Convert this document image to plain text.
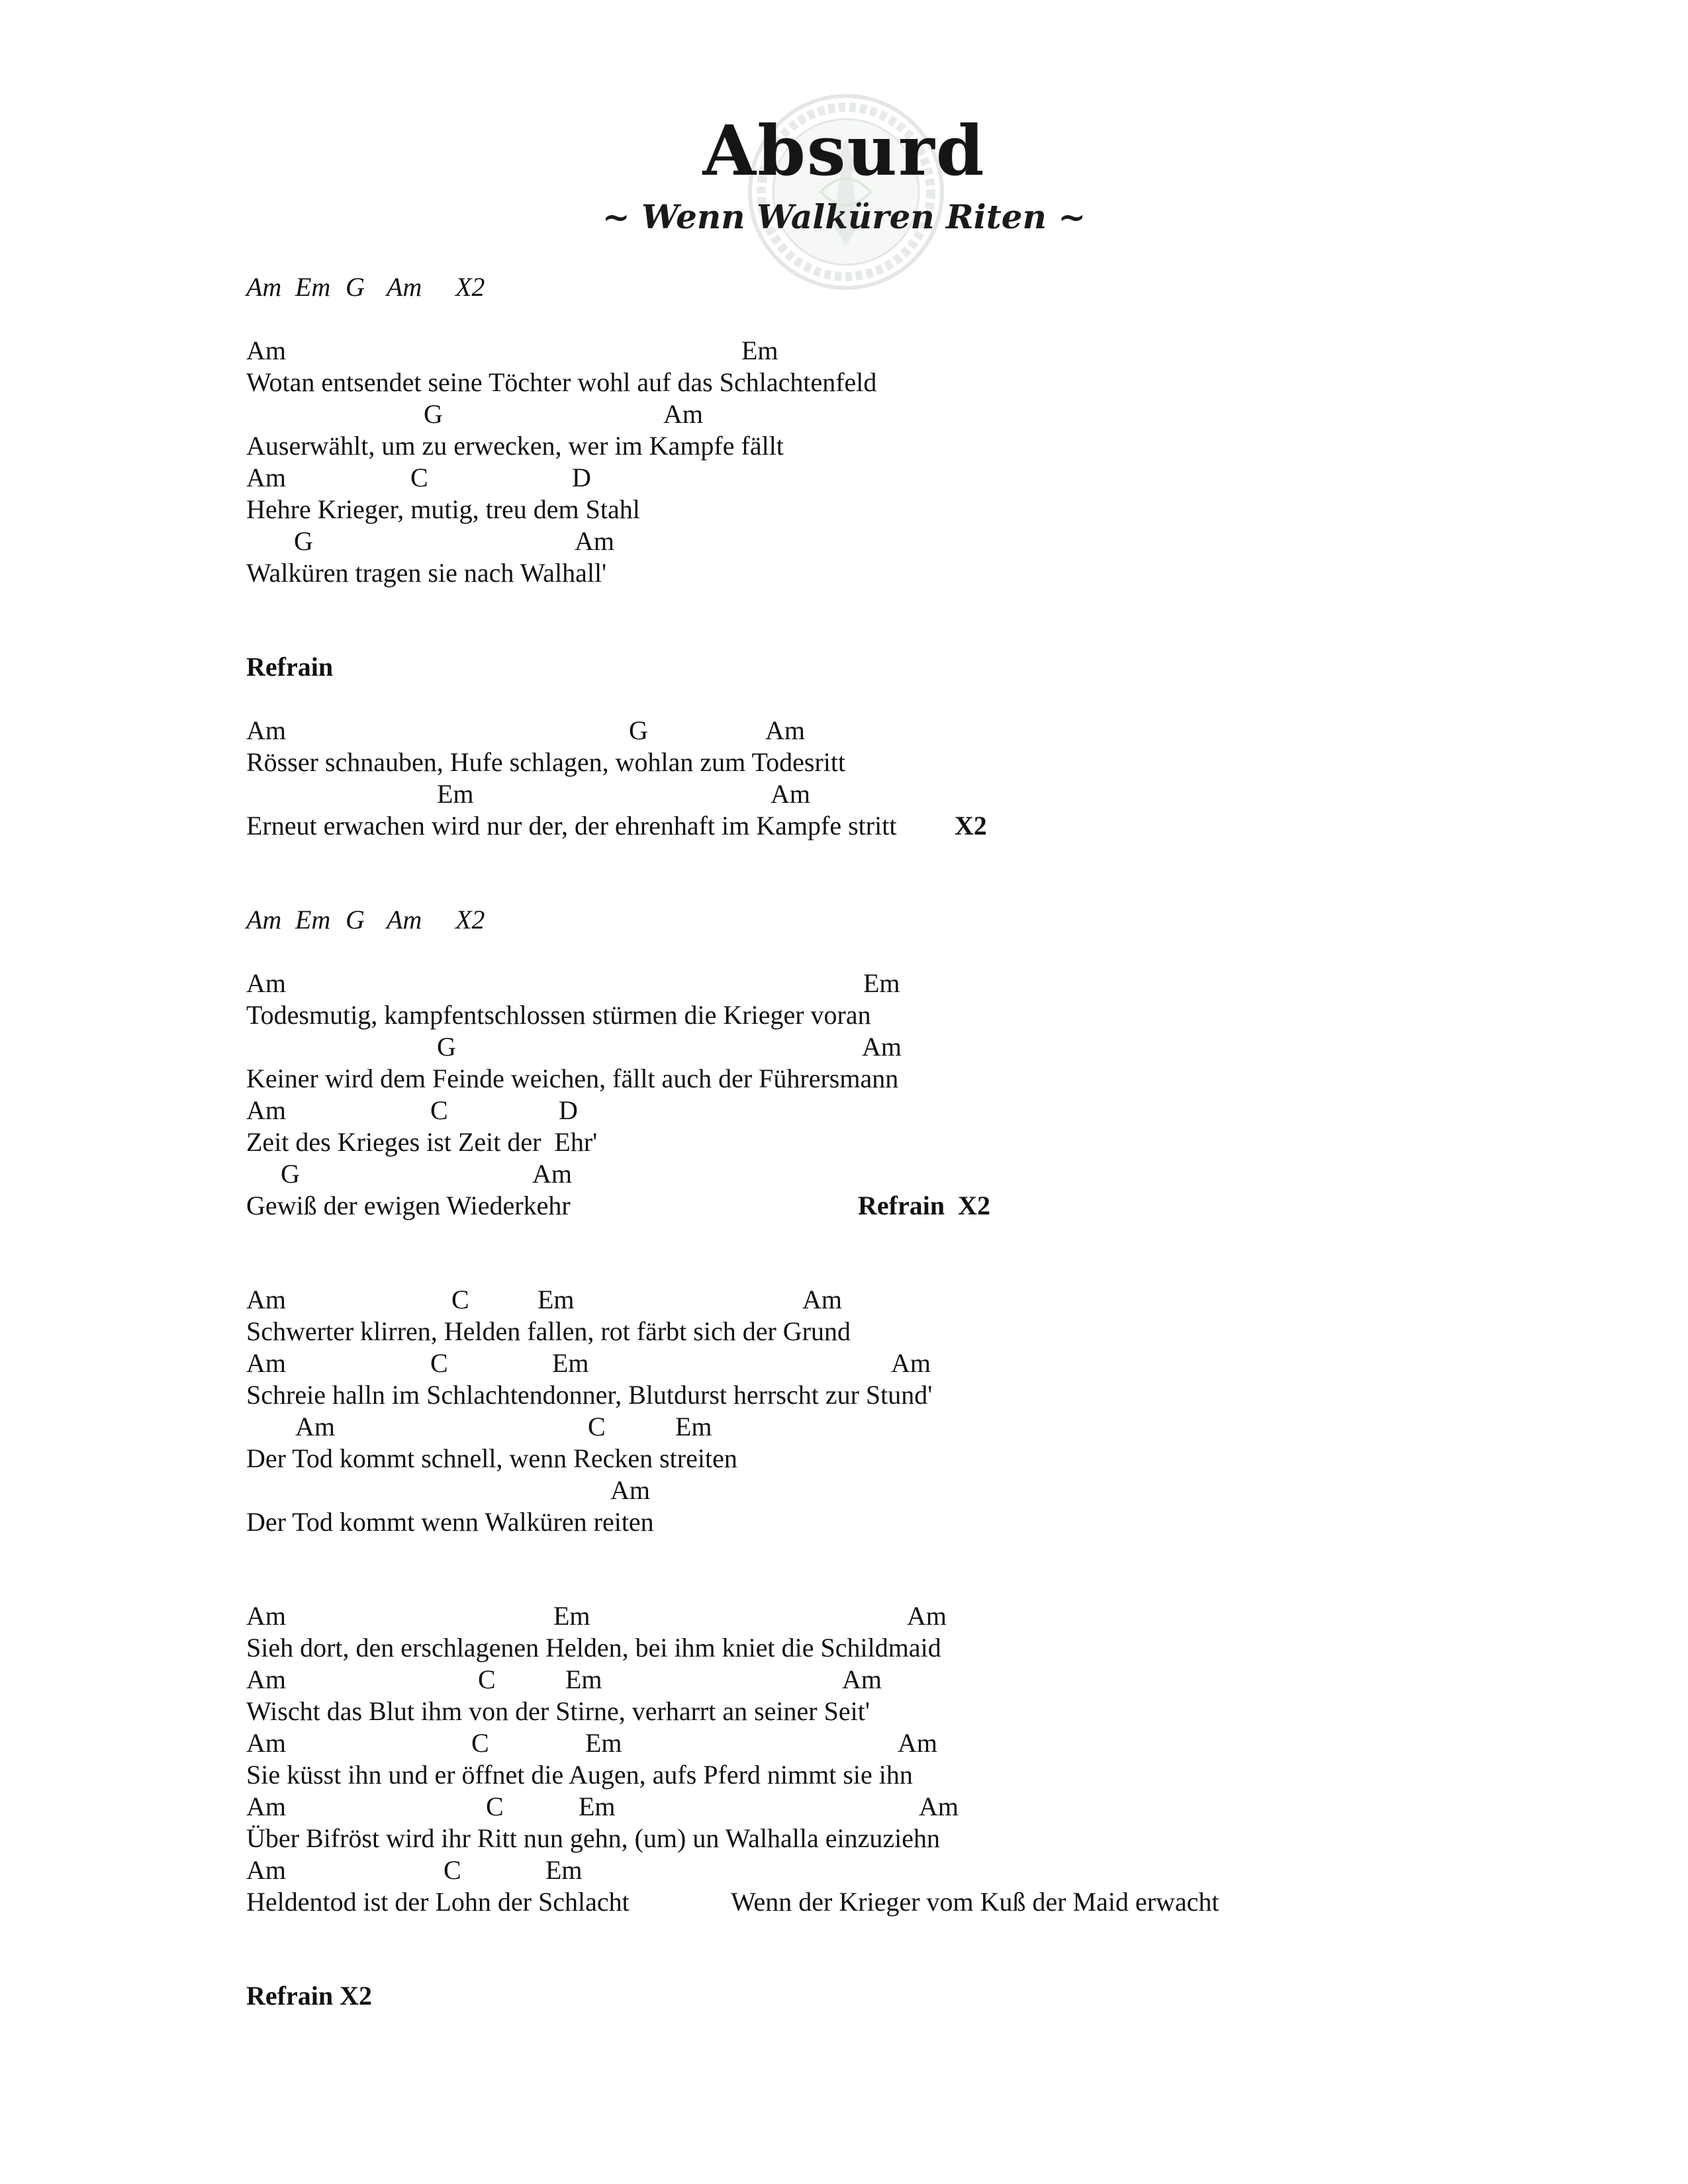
Absurd
~ Wenn Walküren Riten ~

Am

Em

G

Am

X2

Am

	Em

Wotan entsendet seine Töchter wohl auf das Schlachtenfeld

G

	Am

Auserwählt, um zu erwecken, wer im Kampfe fällt

Am

	C

	D

Hehre Krieger, mutig, treu dem Stahl

G

	Am

Walküren tragen sie nach Walhall'
Refrain

Am

	G

	Am

Rösser schnauben, Hufe schlagen, wohlan zum Todesritt

Em

	Am

Erneut erwachen wird nur der, der ehrenhaft im Kampfe stritt

X2

Am

Em

G

Am

X2

Am

	Em

Todesmutig, kampfentschlossen stürmen die Krieger voran

G

	Am

Keiner wird dem Feinde weichen, fällt auch der Führersmann

Am

	C

	D

Zeit des Krieges ist Zeit der  Ehr'

G

	Am

Gewiß der ewigen Wiederkehr

	Refrain  X2

Am

	C

	Em

	Am

Schwerter klirren, Helden fallen, rot färbt sich der Grund

Am

	C

	Em

	Am

Schreie halln im Schlachtendonner, Blutdurst herrscht zur Stund'

Am

	C

	Em

Der Tod kommt schnell, wenn Recken streiten

Am

Der Tod kommt wenn Walküren reiten

Am

	Em

	Am

Sieh dort, den erschlagenen Helden, bei ihm kniet die Schildmaid

Am

	C

	Em

	Am

Wischt das Blut ihm von der Stirne, verharrt an seiner Seit'

Am

	C

	Em

	Am

Sie küsst ihn und er öffnet die Augen, aufs Pferd nimmt sie ihn

Am

	C

	Em

	Am

Über Bifröst wird ihr Ritt nun gehn, (um) un Walhalla einzuziehn

Am

	C

	Em

Heldentod ist der Lohn der Schlacht

	Wenn der Krieger vom Kuß der Maid erwacht

Refrain X2
